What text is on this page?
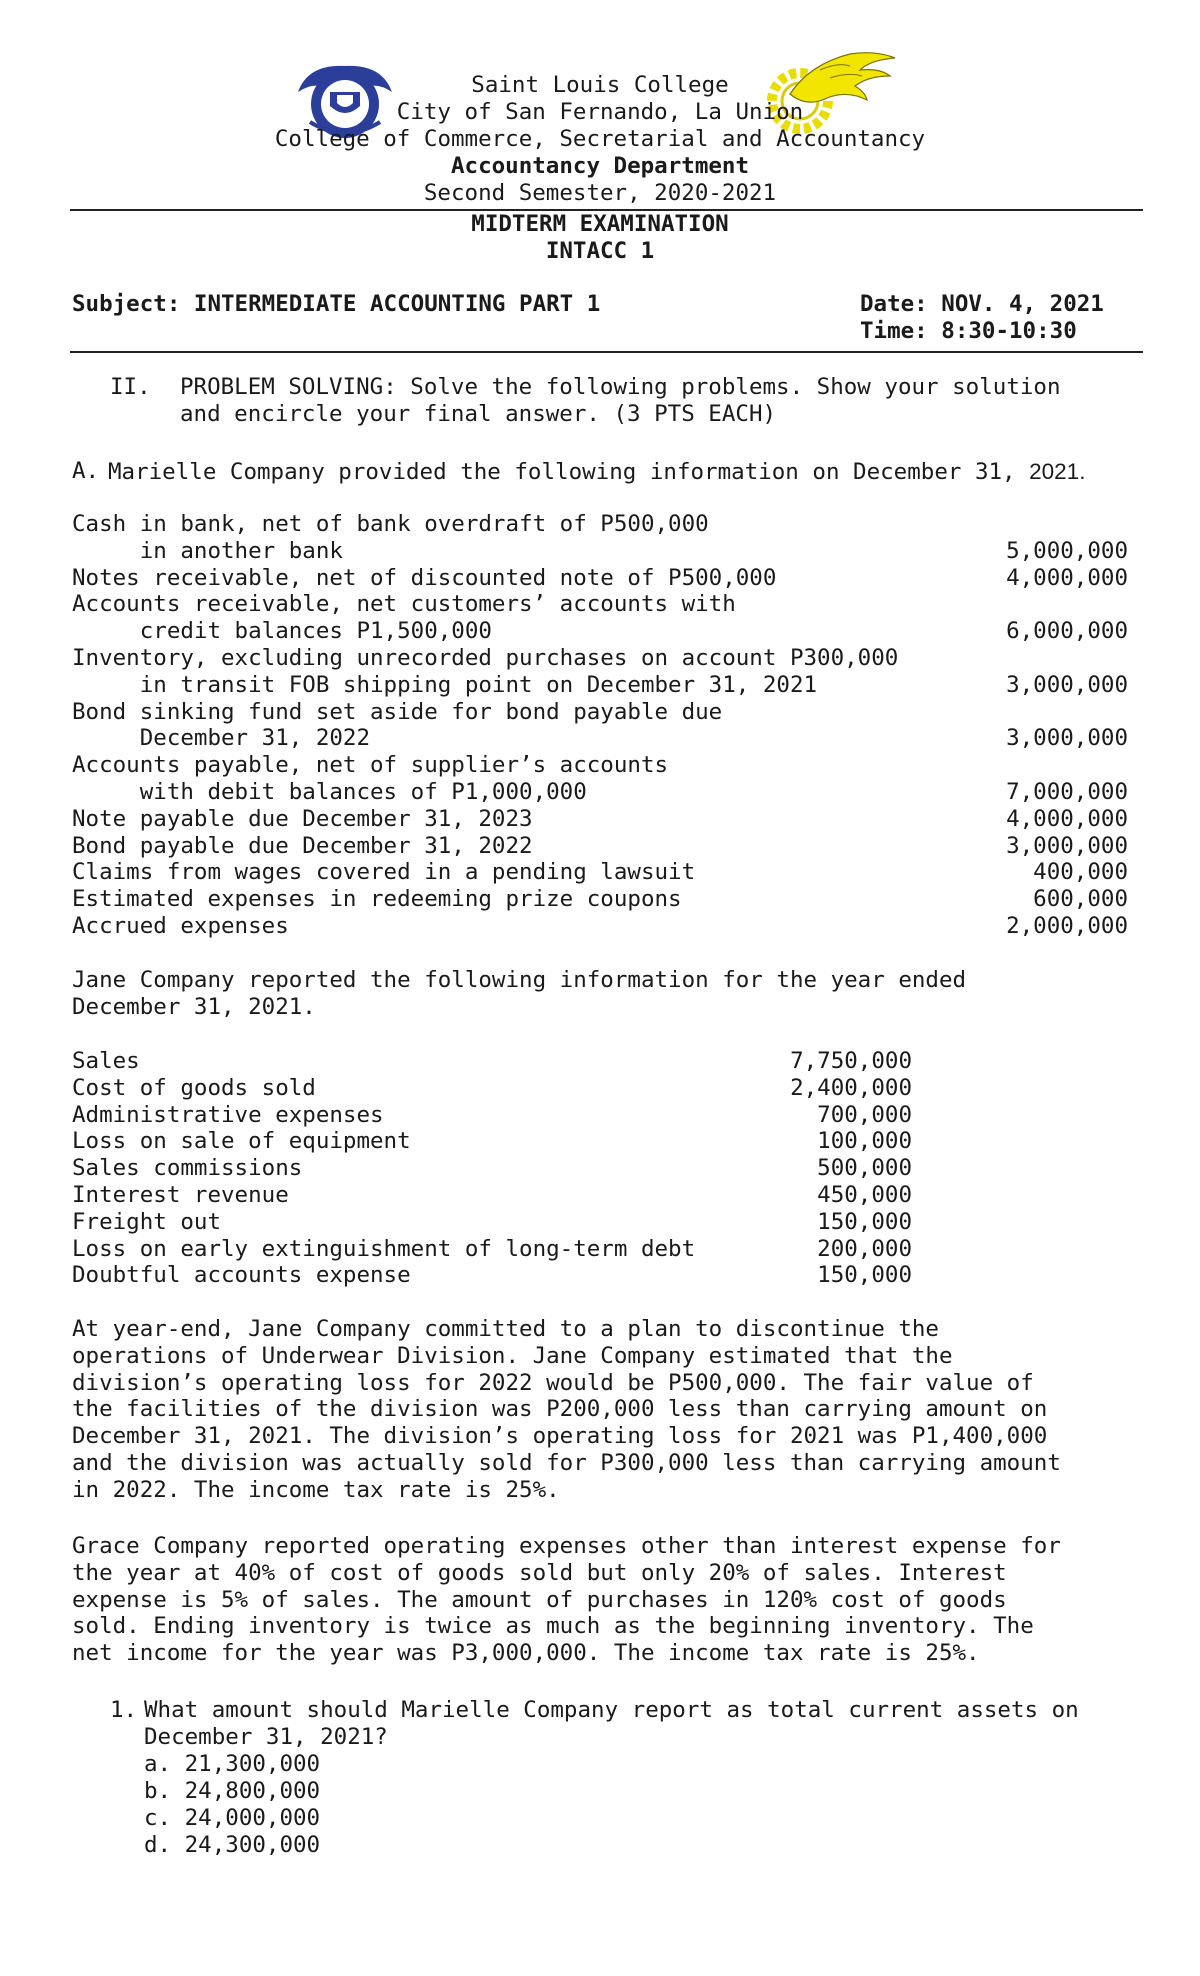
Saint Louis College
City of San Fernando, La Union
College of Commerce, Secretarial and Accountancy
Accountancy Department
Second Semester, 2020-2021
MIDTERM EXAMINATION
INTACC 1
Subject: INTERMEDIATE ACCOUNTING PART 1	Date: NOV. 4, 2021
Time: 8:30-10:30
II.	PROBLEM SOLVING: Solve the following problems. Show your solution
and encircle your final answer. (3 PTS EACH)
A. Marielle Company provided the following information on December 31, 2021.
Cash in bank, net of bank overdraft of P500,000
in another bank	5,000,000
Notes receivable, net of discounted note of P500,000	4,000,000
Accounts receivable, net customers’ accounts with
credit balances P1,500,000	6,000,000
Inventory, excluding unrecorded purchases on account P300,000
in transit FOB shipping point on December 31, 2021	3,000,000
Bond sinking fund set aside for bond payable due
December 31, 2022	3,000,000
Accounts payable, net of supplier’s accounts
with debit balances of P1,000,000	7,000,000
Note payable due December 31, 2023	4,000,000
Bond payable due December 31, 2022	3,000,000
Claims from wages covered in a pending lawsuit	400,000
Estimated expenses in redeeming prize coupons	600,000
Accrued expenses	2,000,000
Jane Company reported the following information for the year ended
December 31, 2021.
Sales	7,750,000
Cost of goods sold	2,400,000
Administrative expenses	700,000
Loss on sale of equipment	100,000
Sales commissions	500,000
Interest revenue	450,000
Freight out	150,000
Loss on early extinguishment of long-term debt	200,000
Doubtful accounts expense	150,000
At year-end, Jane Company committed to a plan to discontinue the
operations of Underwear Division. Jane Company estimated that the
division’s operating loss for 2022 would be P500,000. The fair value of
the facilities of the division was P200,000 less than carrying amount on
December 31, 2021. The division’s operating loss for 2021 was P1,400,000
and the division was actually sold for P300,000 less than carrying amount
in 2022. The income tax rate is 25%.
Grace Company reported operating expenses other than interest expense for
the year at 40% of cost of goods sold but only 20% of sales. Interest
expense is 5% of sales. The amount of purchases in 120% cost of goods
sold. Ending inventory is twice as much as the beginning inventory. The
net income for the year was P3,000,000. The income tax rate is 25%.
1. What amount should Marielle Company report as total current assets on
December 31, 2021?
a. 21,300,000
b. 24,800,000
c. 24,000,000
d. 24,300,000
